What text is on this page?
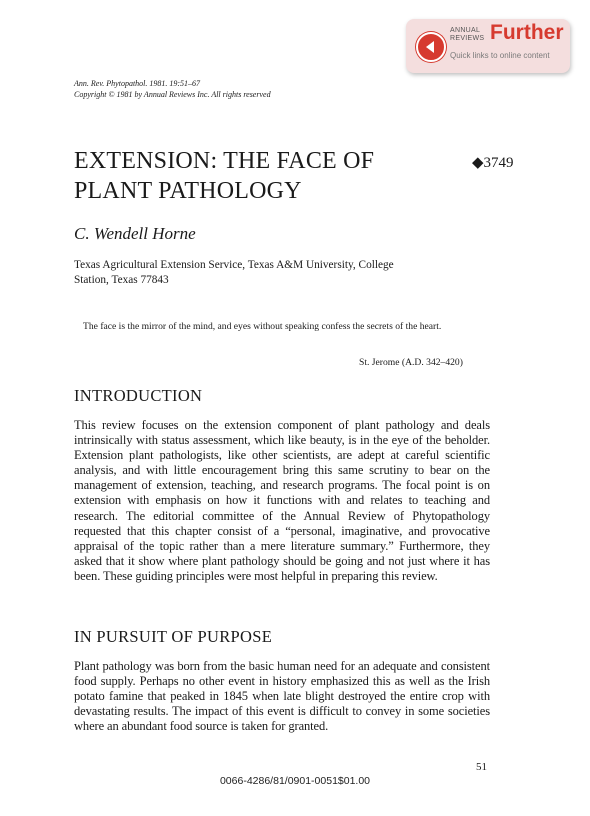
ANNUAL
REVIEWS Further
Quick links to online content
Ann. Rev. Phytopathol. 1981. 19:51–67
Copyright © 1981 by Annual Reviews Inc. All rights reserved
EXTENSION: THE FACE OF
PLANT PATHOLOGY
◆3749
C. Wendell Horne
Texas Agricultural Extension Service, Texas A&M University, College
Station, Texas 77843
The face is the mirror of the mind, and eyes without speaking confess the secrets of the heart.
St. Jerome (A.D. 342–420)
INTRODUCTION

This review focuses on the extension component of plant pathology and deals intrinsically with status assessment, which like beauty, is in the eye of the beholder. Extension plant pathologists, like other scientists, are adept at careful scientific analysis, and with little encouragement bring this same scrutiny to bear on the management of extension, teaching, and research programs. The focal point is on extension with emphasis on how it functions with and relates to teaching and research. The editorial committee of the Annual Review of Phytopathology requested that this chapter consist of a “personal, imaginative, and provocative appraisal of the topic rather than a mere literature summary.” Furthermore, they asked that it show where plant pathology should be going and not just where it has been. These guiding principles were most helpful in preparing this review.

IN PURSUIT OF PURPOSE

Plant pathology was born from the basic human need for an adequate and consistent food supply. Perhaps no other event in history emphasized this as well as the Irish potato famine that peaked in 1845 when late blight destroyed the entire crop with devastating results. The impact of this event is difficult to convey in some societies where an abundant food source is taken for granted.

51
0066-4286/81/0901-0051$01.00
